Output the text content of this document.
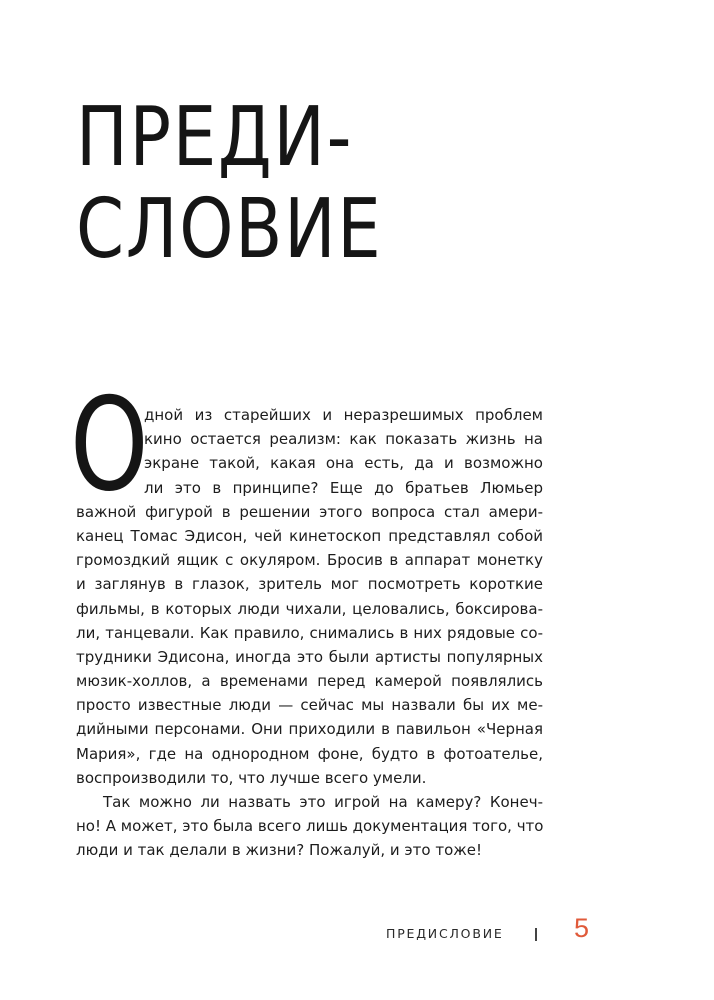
ПРЕДИ-
СЛОВИЕ
О
дной из старейших и неразрешимых проблем
кино остается реализм: как показать жизнь на
экране такой, какая она есть, да и возможно
ли это в принципе? Еще до братьев Люмьер
важной фигурой в решении этого вопроса стал амери-
канец Томас Эдисон, чей кинетоскоп представлял собой
громоздкий ящик с окуляром. Бросив в аппарат монетку
и заглянув в глазок, зритель мог посмотреть короткие
фильмы, в которых люди чихали, целовались, боксирова-
ли, танцевали. Как правило, снимались в них рядовые со-
трудники Эдисона, иногда это были артисты популярных
мюзик-холлов, а временами перед камерой появлялись
просто известные люди — сейчас мы назвали бы их ме-
дийными персонами. Они приходили в павильон «Черная
Мария», где на однородном фоне, будто в фотоателье,
воспроизводили то, что лучше всего умели.
Так можно ли назвать это игрой на камеру? Конеч-
но! А может, это была всего лишь документация того, что
люди и так делали в жизни? Пожалуй, и это тоже!
ПРЕДИСЛОВИЕ	5
